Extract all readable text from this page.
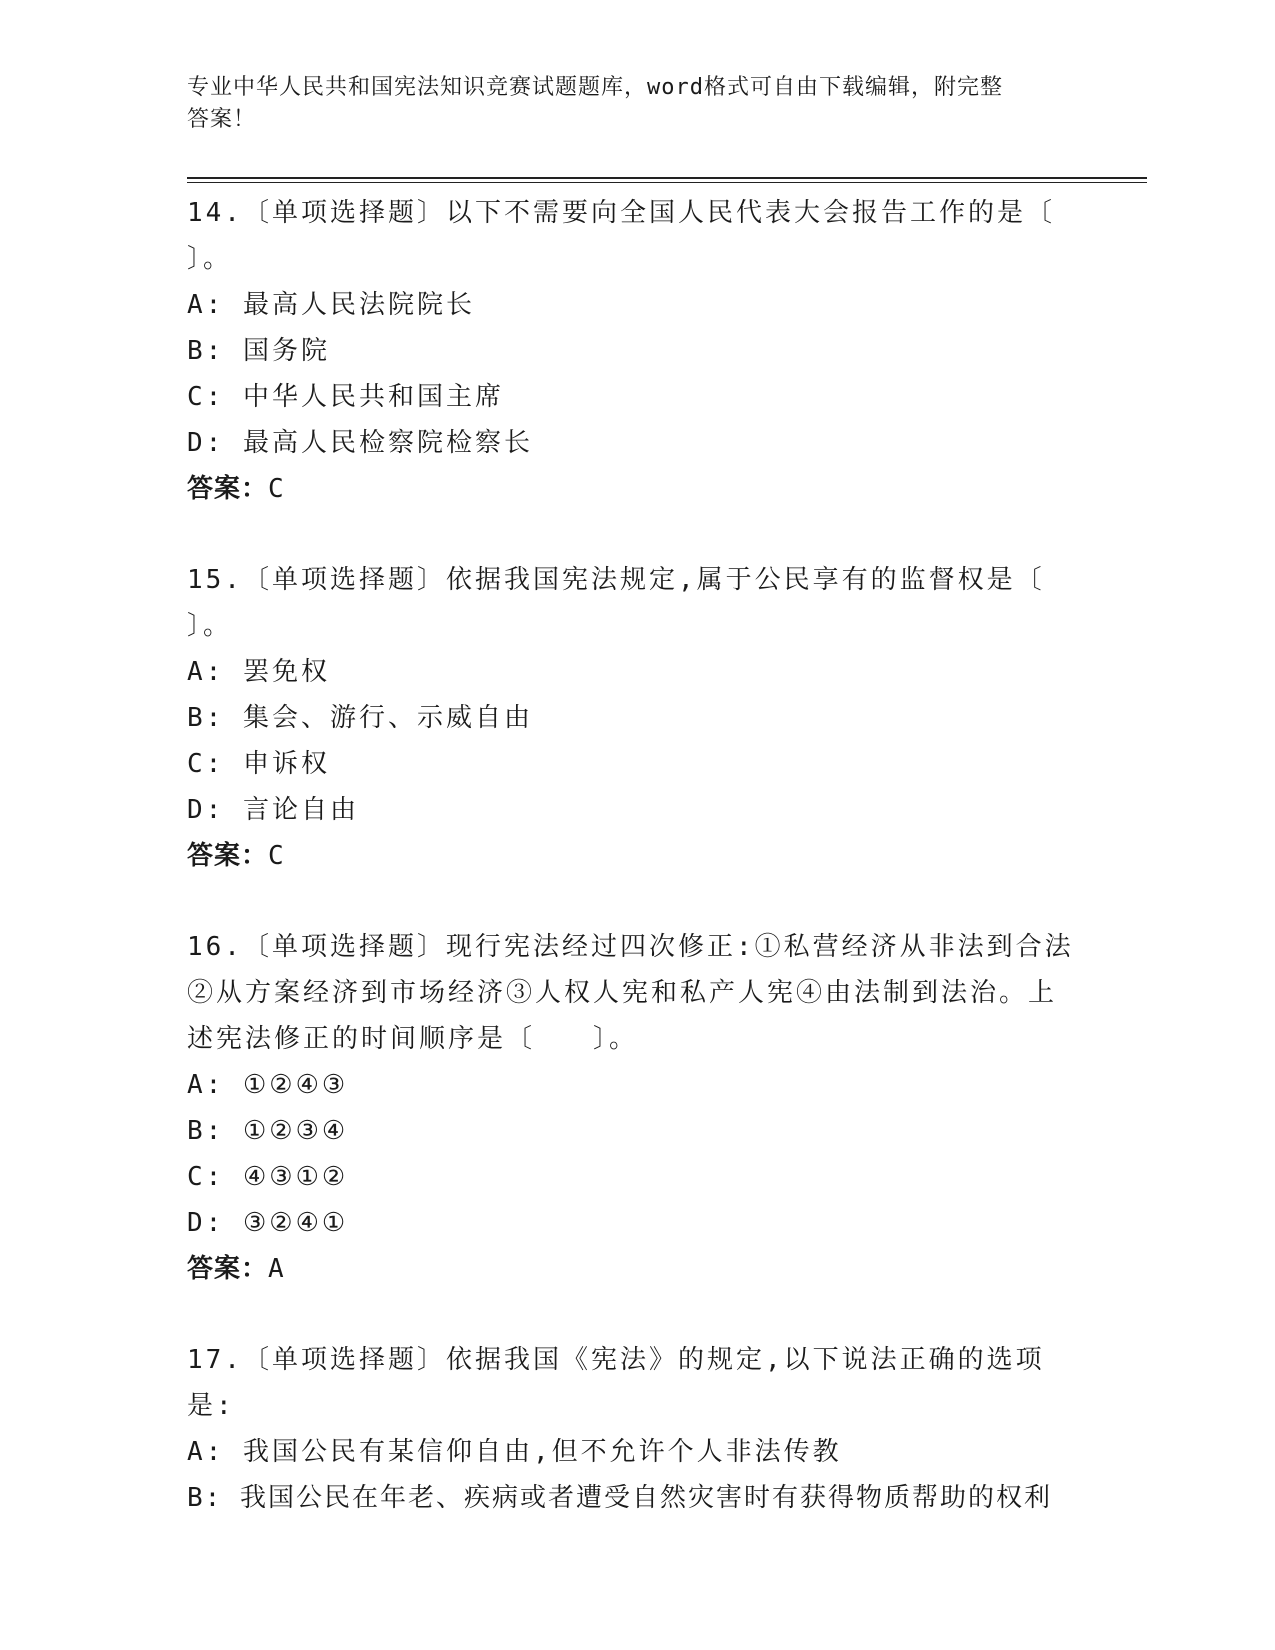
专业中华人民共和国宪法知识竞赛试题题库，word格式可自由下载编辑，附完整
答案！

14.〔单项选择题〕以下不需要向全国人民代表大会报告工作的是〔

〕。

A: 最高人民法院院长

B: 国务院

C: 中华人民共和国主席

D: 最高人民检察院检察长

答案：C

15.〔单项选择题〕依据我国宪法规定,属于公民享有的监督权是〔

〕。

A: 罢免权

B: 集会、游行、示威自由

C: 申诉权

D: 言论自由

答案：C

16.〔单项选择题〕现行宪法经过四次修正:①私营经济从非法到合法

②从方案经济到市场经济③人权人宪和私产人宪④由法制到法治。上

述宪法修正的时间顺序是〔　　〕。

A: ①②④③

B: ①②③④

C: ④③①②

D: ③②④①

答案：A

17.〔单项选择题〕依据我国《宪法》的规定,以下说法正确的选项是:

A: 我国公民有某信仰自由,但不允许个人非法传教

B: 我国公民在年老、疾病或者遭受自然灾害时有获得物质帮助的权利
